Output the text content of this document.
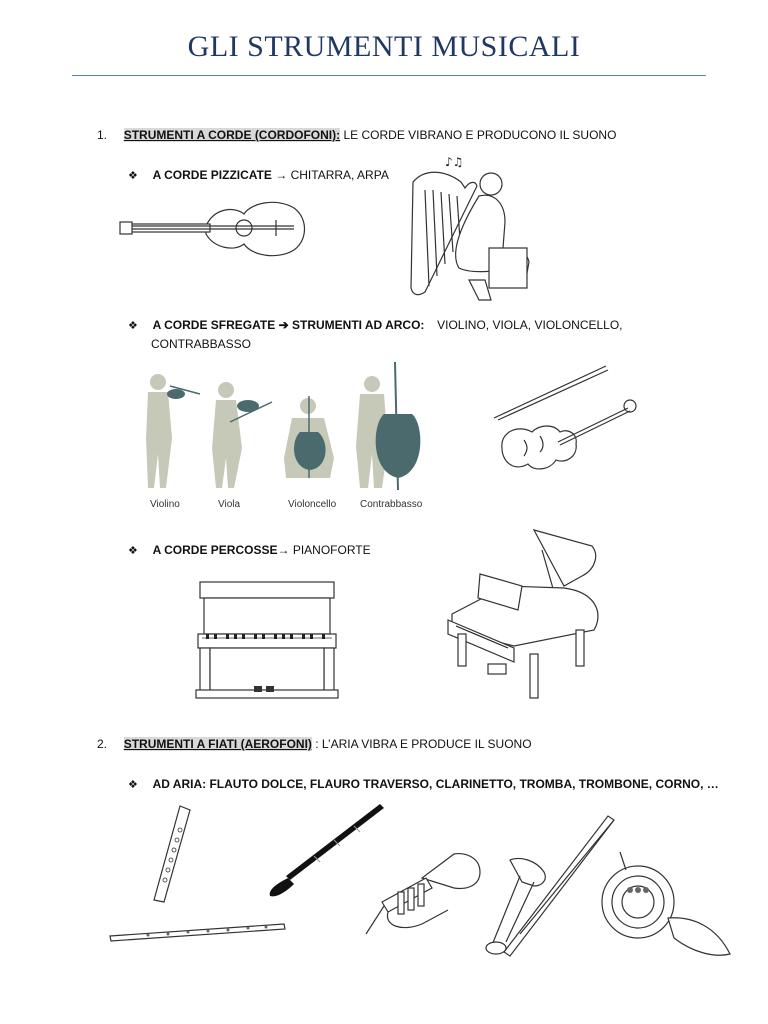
GLI STRUMENTI MUSICALI
1. STRUMENTI A CORDE (CORDOFONI): LE CORDE VIBRANO E PRODUCONO IL SUONO
❖ A CORDE PIZZICATE → CHITARRA, ARPA
♪♫
❖ A CORDE SFREGATE ➔ STRUMENTI AD ARCO: VIOLINO, VIOLA, VIOLONCELLO,
CONTRABBASSO
Violino	Viola	Violoncello Contrabbasso
❖ A CORDE PERCOSSE→ PIANOFORTE
2. STRUMENTI A FIATI (AEROFONI) : L’ARIA VIBRA E PRODUCE IL SUONO
❖ AD ARIA: FLAUTO DOLCE, FLAURO TRAVERSO, CLARINETTO, TROMBA, TROMBONE, CORNO, …
